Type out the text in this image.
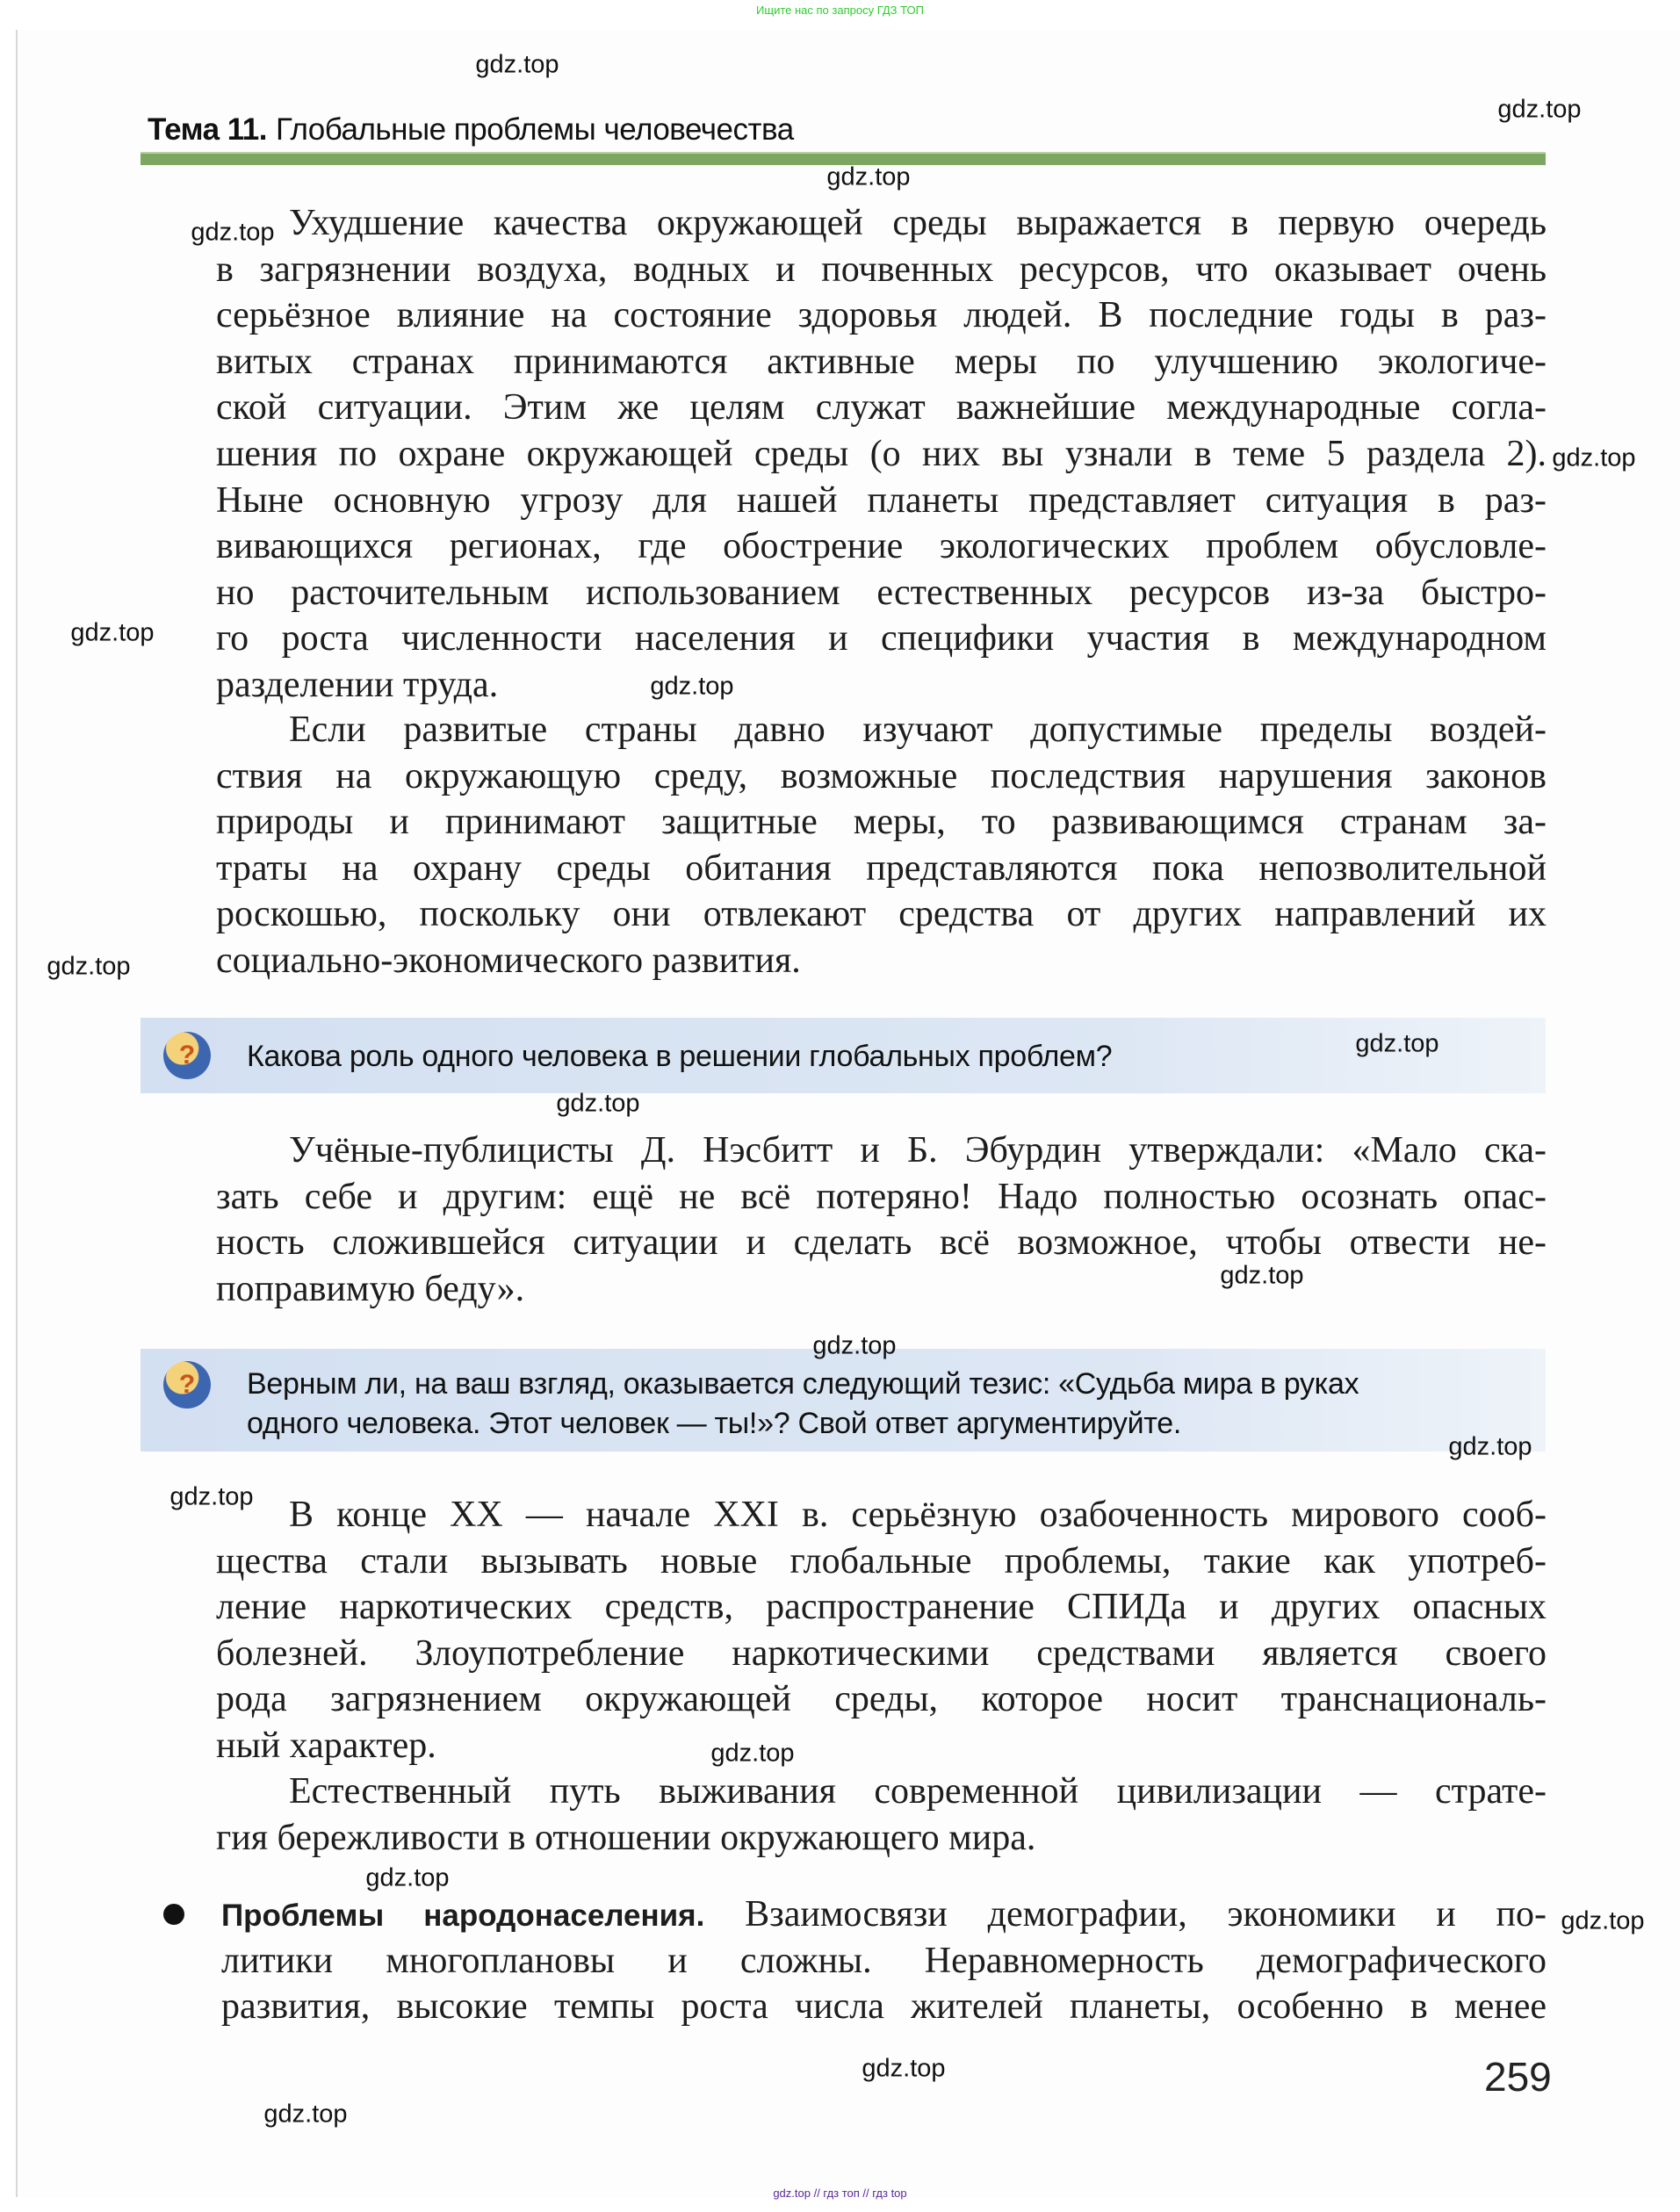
Ищите нас по запросу ГДЗ ТОП
Тема 11. Глобальные проблемы человечества
Ухудшение качества окружающей среды выражается в первую очередь
в загрязнении воздуха, водных и почвенных ресурсов, что оказывает очень
серьёзное влияние на состояние здоровья людей. В последние годы в раз-
витых странах принимаются активные меры по улучшению экологиче-
ской ситуации. Этим же целям служат важнейшие международные согла-
шения по охране окружающей среды (о них вы узнали в теме 5 раздела 2).
Ныне основную угрозу для нашей планеты представляет ситуация в раз-
вивающихся регионах, где обострение экологических проблем обусловле-
но расточительным использованием естественных ресурсов из-за быстро-
го роста численности населения и специфики участия в международном
разделении труда.
Если развитые страны давно изучают допустимые пределы воздей-
ствия на окружающую среду, возможные последствия нарушения законов
природы и принимают защитные меры, то развивающимся странам за-
траты на охрану среды обитания представляются пока непозволительной
роскошью, поскольку они отвлекают средства от других направлений их
социально-экономического развития.
?	Какова роль одного человека в решении глобальных проблем?
Учёные-публицисты Д. Нэсбитт и Б. Эбурдин утверждали: «Мало ска-
зать себе и другим: ещё не всё потеряно! Надо полностью осознать опас-
ность сложившейся ситуации и сделать всё возможное, чтобы отвести не-
поправимую беду».
?	Верным ли, на ваш взгляд, оказывается следующий тезис: «Судьба мира в руках
одного человека. Этот человек — ты!»? Свой ответ аргументируйте.
В конце XX — начале XXI в. серьёзную озабоченность мирового сооб-
щества стали вызывать новые глобальные проблемы, такие как употреб-
ление наркотических средств, распространение СПИДа и других опасных
болезней. Злоупотребление наркотическими средствами является своего
рода загрязнением окружающей среды, которое носит транснациональ-
ный характер.
Естественный путь выживания современной цивилизации — страте-
гия бережливости в отношении окружающего мира.
Проблемы народонаселения. Взаимосвязи демографии, экономики и по-
литики многоплановы и сложны. Неравномерность демографического
развития, высокие темпы роста числа жителей планеты, особенно в менее
259
gdz.top
gdz.top
gdz.top
gdz.top
gdz.top
gdz.top
gdz.top
gdz.top
gdz.top
gdz.top
gdz.top
gdz.top
gdz.top
gdz.top
gdz.top
gdz.top
gdz.top
gdz.top
gdz.top
gdz.top // гдз топ // гдз top
